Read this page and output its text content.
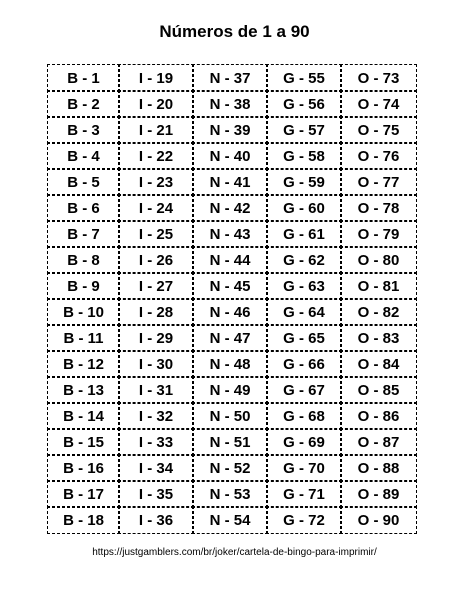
Números de 1 a 90
B - 1	I - 19	N - 37	G - 55	O - 73
B - 2	I - 20	N - 38	G - 56	O - 74
B - 3	I - 21	N - 39	G - 57	O - 75
B - 4	I - 22	N - 40	G - 58	O - 76
B - 5	I - 23	N - 41	G - 59	O - 77
B - 6	I - 24	N - 42	G - 60	O - 78
B - 7	I - 25	N - 43	G - 61	O - 79
B - 8	I - 26	N - 44	G - 62	O - 80
B - 9	I - 27	N - 45	G - 63	O - 81
B - 10	I - 28	N - 46	G - 64	O - 82
B - 11	I - 29	N - 47	G - 65	O - 83
B - 12	I - 30	N - 48	G - 66	O - 84
B - 13	I - 31	N - 49	G - 67	O - 85
B - 14	I - 32	N - 50	G - 68	O - 86
B - 15	I - 33	N - 51	G - 69	O - 87
B - 16	I - 34	N - 52	G - 70	O - 88
B - 17	I - 35	N - 53	G - 71	O - 89
B - 18	I - 36	N - 54	G - 72	O - 90
https://justgamblers.com/br/joker/cartela-de-bingo-para-imprimir/
